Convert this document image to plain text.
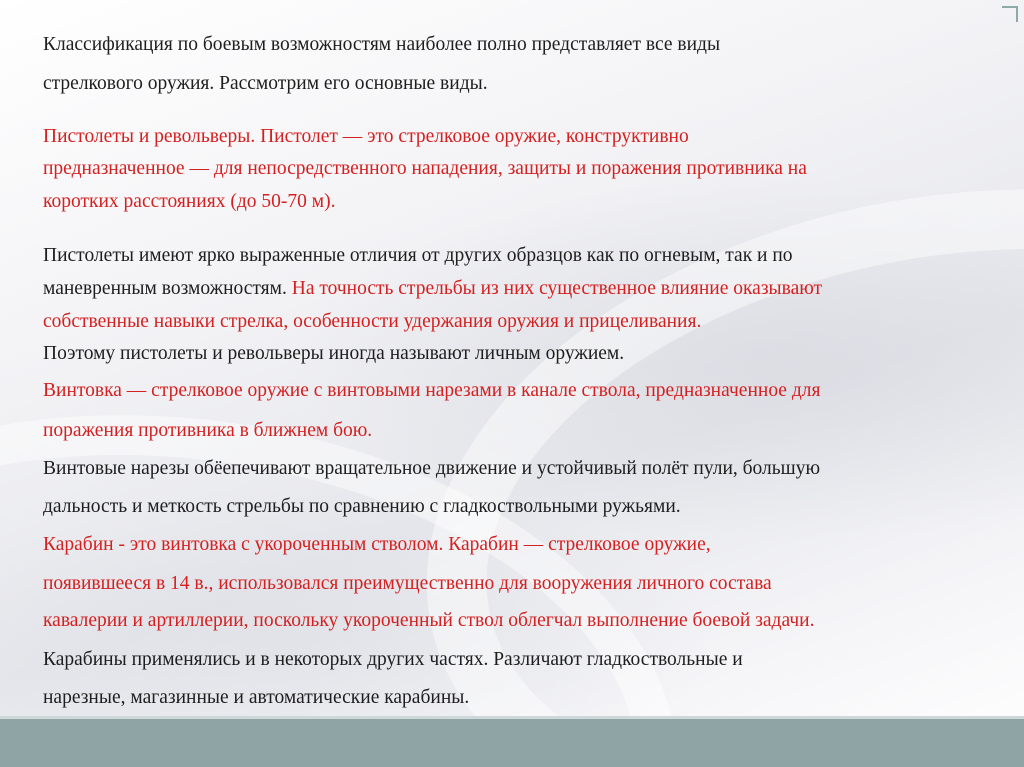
Классификация по боевым возможностям наиболее полно представляет все виды
стрелкового оружия. Рассмотрим его основные виды.
Пистолеты и револьверы. Пистолет — это стрелковое оружие, конструктивно
предназначенное — для непосредственного нападения, защиты и поражения противника на
коротких расстояниях (до 50-70 м).
Пистолеты имеют ярко выраженные отличия от других образцов как по огневым, так и по
маневренным возможностям. На точность стрельбы из них существенное влияние оказывают
собственные навыки стрелка, особенности удержания оружия и прицеливания.
Поэтому пистолеты и револьверы иногда называют личным оружием.
Винтовка — стрелковое оружие с винтовыми нарезами в канале ствола, предназначенное для
поражения противника в ближнем бою.
Винтовые нарезы обёепечивают вращательное движение и устойчивый полёт пули, большую
дальность и меткость стрельбы по сравнению с гладкоствольными ружьями.
Карабин - это винтовка с укороченным стволом. Карабин — стрелковое оружие,
появившееся в 14 в., использовался преимущественно для вооружения личного состава
кавалерии и артиллерии, поскольку укороченный ствол облегчал выполнение боевой задачи.
Карабины применялись и в некоторых других частях. Различают гладкоствольные и
нарезные, магазинные и автоматические карабины.
